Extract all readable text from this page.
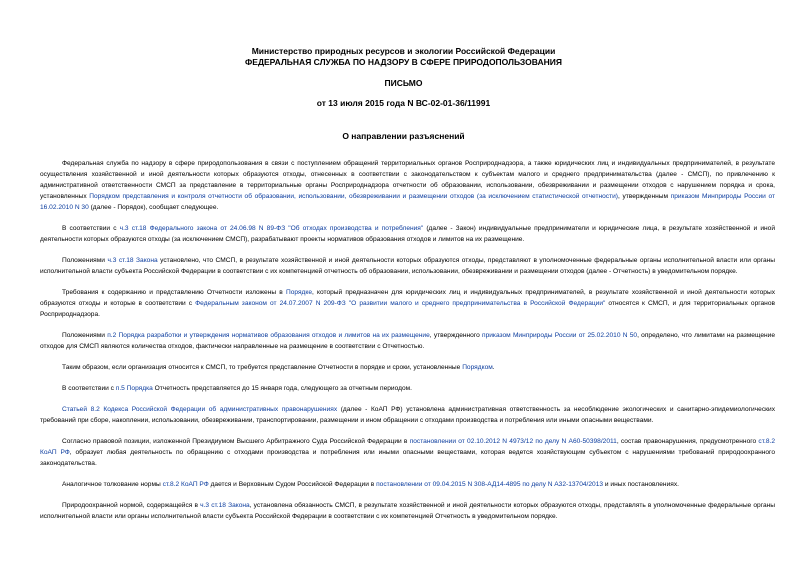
Министерство природных ресурсов и экологии Российской Федерации
ФЕДЕРАЛЬНАЯ СЛУЖБА ПО НАДЗОРУ В СФЕРЕ ПРИРОДОПОЛЬЗОВАНИЯ
ПИСЬМО
от 13 июля 2015 года N ВС-02-01-36/11991
О направлении разъяснений

Федеральная служба по надзору в сфере природопользования в связи с поступлением обращений территориальных органов Росприроднадзора, а также юридических лиц и индивидуальных предпринимателей, в результате осуществления хозяйственной и иной деятельности которых образуются отходы, отнесенных в соответствии с законодательством к субъектам малого и среднего предпринимательства (далее - СМСП), по привлечению к административной ответственности СМСП за представление в территориальные органы Росприроднадзора отчетности об образовании, использовании, обезвреживании и размещении отходов с нарушением порядка и срока, установленных Порядком представления и контроля отчетности об образовании, использовании, обезвреживании и размещении отходов (за исключением статистической отчетности), утвержденным приказом Минприроды России от 16.02.2010 N 30 (далее - Порядок), сообщает следующее.

В соответствии с ч.3 ст.18 Федерального закона от 24.06.98 N 89-ФЗ "Об отходах производства и потребления" (далее - Закон) индивидуальные предприниматели и юридические лица, в результате хозяйственной и иной деятельности которых образуются отходы (за исключением СМСП), разрабатывают проекты нормативов образования отходов и лимитов на их размещение.

Положениями ч.3 ст.18 Закона установлено, что СМСП, в результате хозяйственной и иной деятельности которых образуются отходы, представляют в уполномоченные федеральные органы исполнительной власти или органы исполнительной власти субъекта Российской Федерации в соответствии с их компетенцией отчетность об образовании, использовании, обезвреживании и размещении отходов (далее - Отчетность) в уведомительном порядке.

Требования к содержанию и представлению Отчетности изложены в Порядке, который предназначен для юридических лиц и индивидуальных предпринимателей, в результате хозяйственной и иной деятельности которых образуются отходы и которые в соответствии с Федеральным законом от 24.07.2007 N 209-ФЗ "О развитии малого и среднего предпринимательства в Российской Федерации" относятся к СМСП, и для территориальных органов Росприроднадзора.

Положениями п.2 Порядка разработки и утверждения нормативов образования отходов и лимитов на их размещение, утвержденного приказом Минприроды России от 25.02.2010 N 50, определено, что лимитами на размещение отходов для СМСП являются количества отходов, фактически направленные на размещение в соответствии с Отчетностью.

Таким образом, если организация относится к СМСП, то требуется представление Отчетности в порядке и сроки, установленные Порядком.

В соответствии с п.5 Порядка Отчетность представляется до 15 января года, следующего за отчетным периодом.

Статьей 8.2 Кодекса Российской Федерации об административных правонарушениях (далее - КоАП РФ) установлена административная ответственность за несоблюдение экологических и санитарно-эпидемиологических требований при сборе, накоплении, использовании, обезвреживании, транспортировании, размещении и ином обращении с отходами производства и потребления или иными опасными веществами.

Согласно правовой позиции, изложенной Президиумом Высшего Арбитражного Суда Российской Федерации в постановлении от 02.10.2012 N 4973/12 по делу N А60-50398/2011, состав правонарушения, предусмотренного ст.8.2 КоАП РФ, образует любая деятельность по обращению с отходами производства и потребления или иными опасными веществами, которая ведется хозяйствующим субъектом с нарушениями требований природоохранного законодательства.

Аналогичное толкование нормы ст.8.2 КоАП РФ дается и Верховным Судом Российской Федерации в постановлении от 09.04.2015 N 308-АД14-4895 по делу N А32-13704/2013 и иных постановлениях.

Природоохранной нормой, содержащейся в ч.3 ст.18 Закона, установлена обязанность СМСП, в результате хозяйственной и иной деятельности которых образуются отходы, представлять в уполномоченные федеральные органы исполнительной власти или органы исполнительной власти субъекта Российской Федерации в соответствии с их компетенцией Отчетность в уведомительном порядке.
